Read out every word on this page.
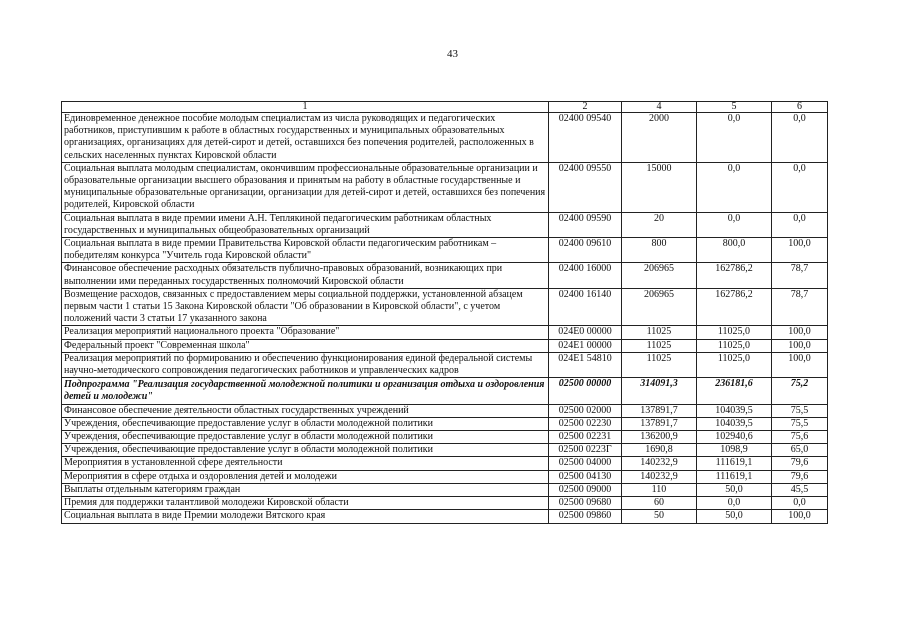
43
1	2	4	5	6
Единовременное денежное пособие молодым специалистам из числа руководящих и педагогических работников, приступившим к работе в областных государственных и муниципальных образовательных организациях, организациях для детей-сирот и детей, оставшихся без попечения родителей, расположенных в сельских населенных пунктах Кировской области	02400 09540	2000	0,0	0,0
Социальная выплата молодым специалистам, окончившим профессиональные образовательные организации и образовательные организации высшего образования и принятым на работу в областные государственные и муниципальные образовательные организации, организации для детей-сирот и детей, оставшихся без попечения родителей, Кировской области	02400 09550	15000	0,0	0,0
Социальная выплата в виде премии имени А.Н. Теплякиной педагогическим работникам областных государственных и муниципальных общеобразовательных организаций	02400 09590	20	0,0	0,0
Социальная выплата в виде премии Правительства Кировской области педагогическим работникам – победителям конкурса "Учитель года Кировской области"	02400 09610	800	800,0	100,0
Финансовое обеспечение расходных обязательств публично-правовых образований, возникающих при выполнении ими переданных государственных полномочий Кировской области	02400 16000	206965	162786,2	78,7
Возмещение расходов, связанных с предоставлением меры социальной поддержки, установленной абзацем первым части 1 статьи 15 Закона Кировской области "Об образовании в Кировской области", с учетом положений части 3 статьи 17 указанного закона	02400 16140	206965	162786,2	78,7
Реализация мероприятий национального проекта "Образование"	024E0 00000	11025	11025,0	100,0
Федеральный проект "Современная школа"	024E1 00000	11025	11025,0	100,0
Реализация мероприятий по формированию и обеспечению функционирования единой федеральной системы научно-методического сопровождения педагогических работников и управленческих кадров	024E1 54810	11025	11025,0	100,0
Подпрограмма "Реализация государственной молодежной политики и организация отдыха и оздоровления детей и молодежи"	02500 00000	314091,3	236181,6	75,2
Финансовое обеспечение деятельности областных государственных учреждений	02500 02000	137891,7	104039,5	75,5
Учреждения, обеспечивающие предоставление услуг в области молодежной политики	02500 02230	137891,7	104039,5	75,5
Учреждения, обеспечивающие предоставление услуг в области молодежной политики	02500 02231	136200,9	102940,6	75,6
Учреждения, обеспечивающие предоставление услуг в области молодежной политики	02500 0223Г	1690,8	1098,9	65,0
Мероприятия в установленной сфере деятельности	02500 04000	140232,9	111619,1	79,6
Мероприятия в сфере отдыха и оздоровления детей и молодежи	02500 04130	140232,9	111619,1	79,6
Выплаты отдельным категориям граждан	02500 09000	110	50,0	45,5
Премия для поддержки талантливой молодежи Кировской области	02500 09680	60	0,0	0,0
Социальная выплата в виде Премии молодежи Вятского края	02500 09860	50	50,0	100,0
